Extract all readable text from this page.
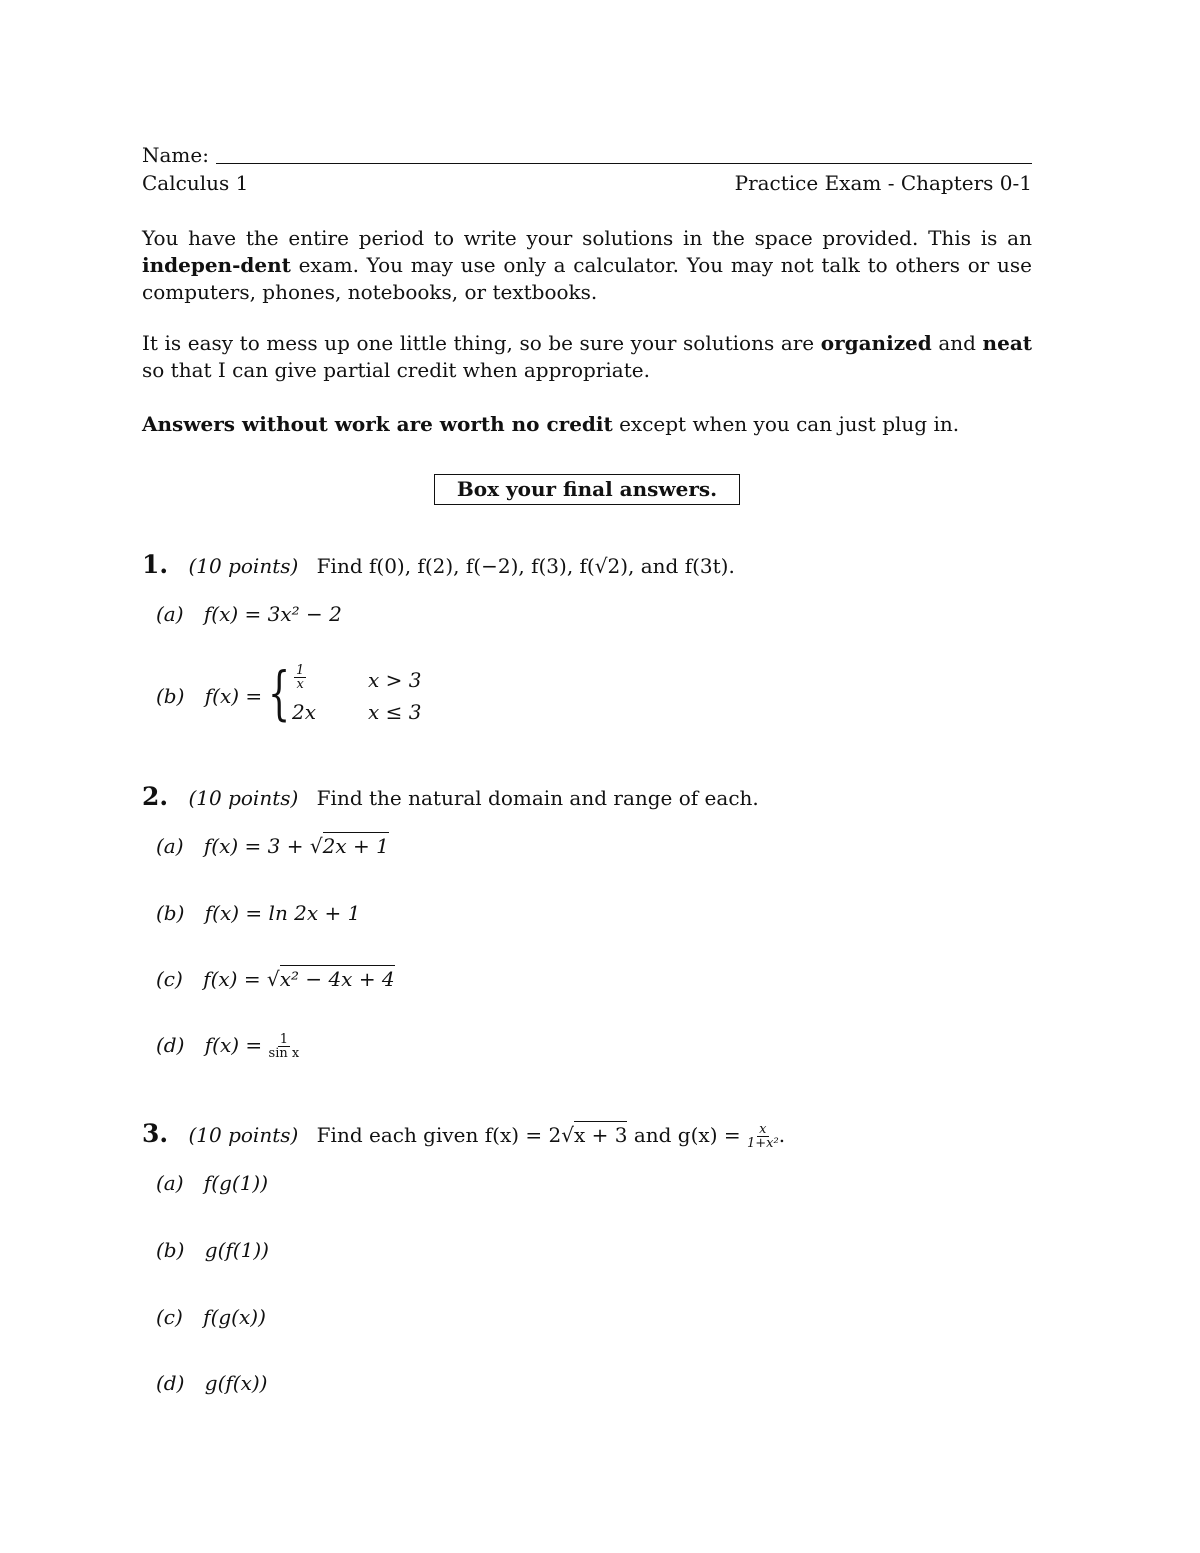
Name:
Calculus 1	Practice Exam - Chapters 0-1
You have the entire period to write your solutions in the space provided. This is an indepen-dent exam. You may use only a calculator. You may not talk to others or use computers, phones, notebooks, or textbooks.
It is easy to mess up one little thing, so be sure your solutions are organized and neat so that I can give partial credit when appropriate.
Answers without work are worth no credit except when you can just plug in.
Box your final answers.
1. (10 points) Find f(0), f(2), f(−2), f(3), f(√2), and f(3t).
(a) f(x) = 3x² − 2
(b) f(x) = { $\frac{1}{x}$	x > 3
2x	x ≤ 3
2. (10 points) Find the natural domain and range of each.
(a) f(x) = 3 + √2x + 1
(b) f(x) = ln 2x + 1
(c) f(x) = √x² − 4x + 4
(d) $f(x) = \frac{1}{\text{sin x}}$
3. (10 points) Find each given f(x) = 2√x + 3 and $g(x) = \frac{x}{\text{1+x²}}$ .
(a) f(g(1))
(b) g(f(1))
(c) f(g(x))
(d) g(f(x))
